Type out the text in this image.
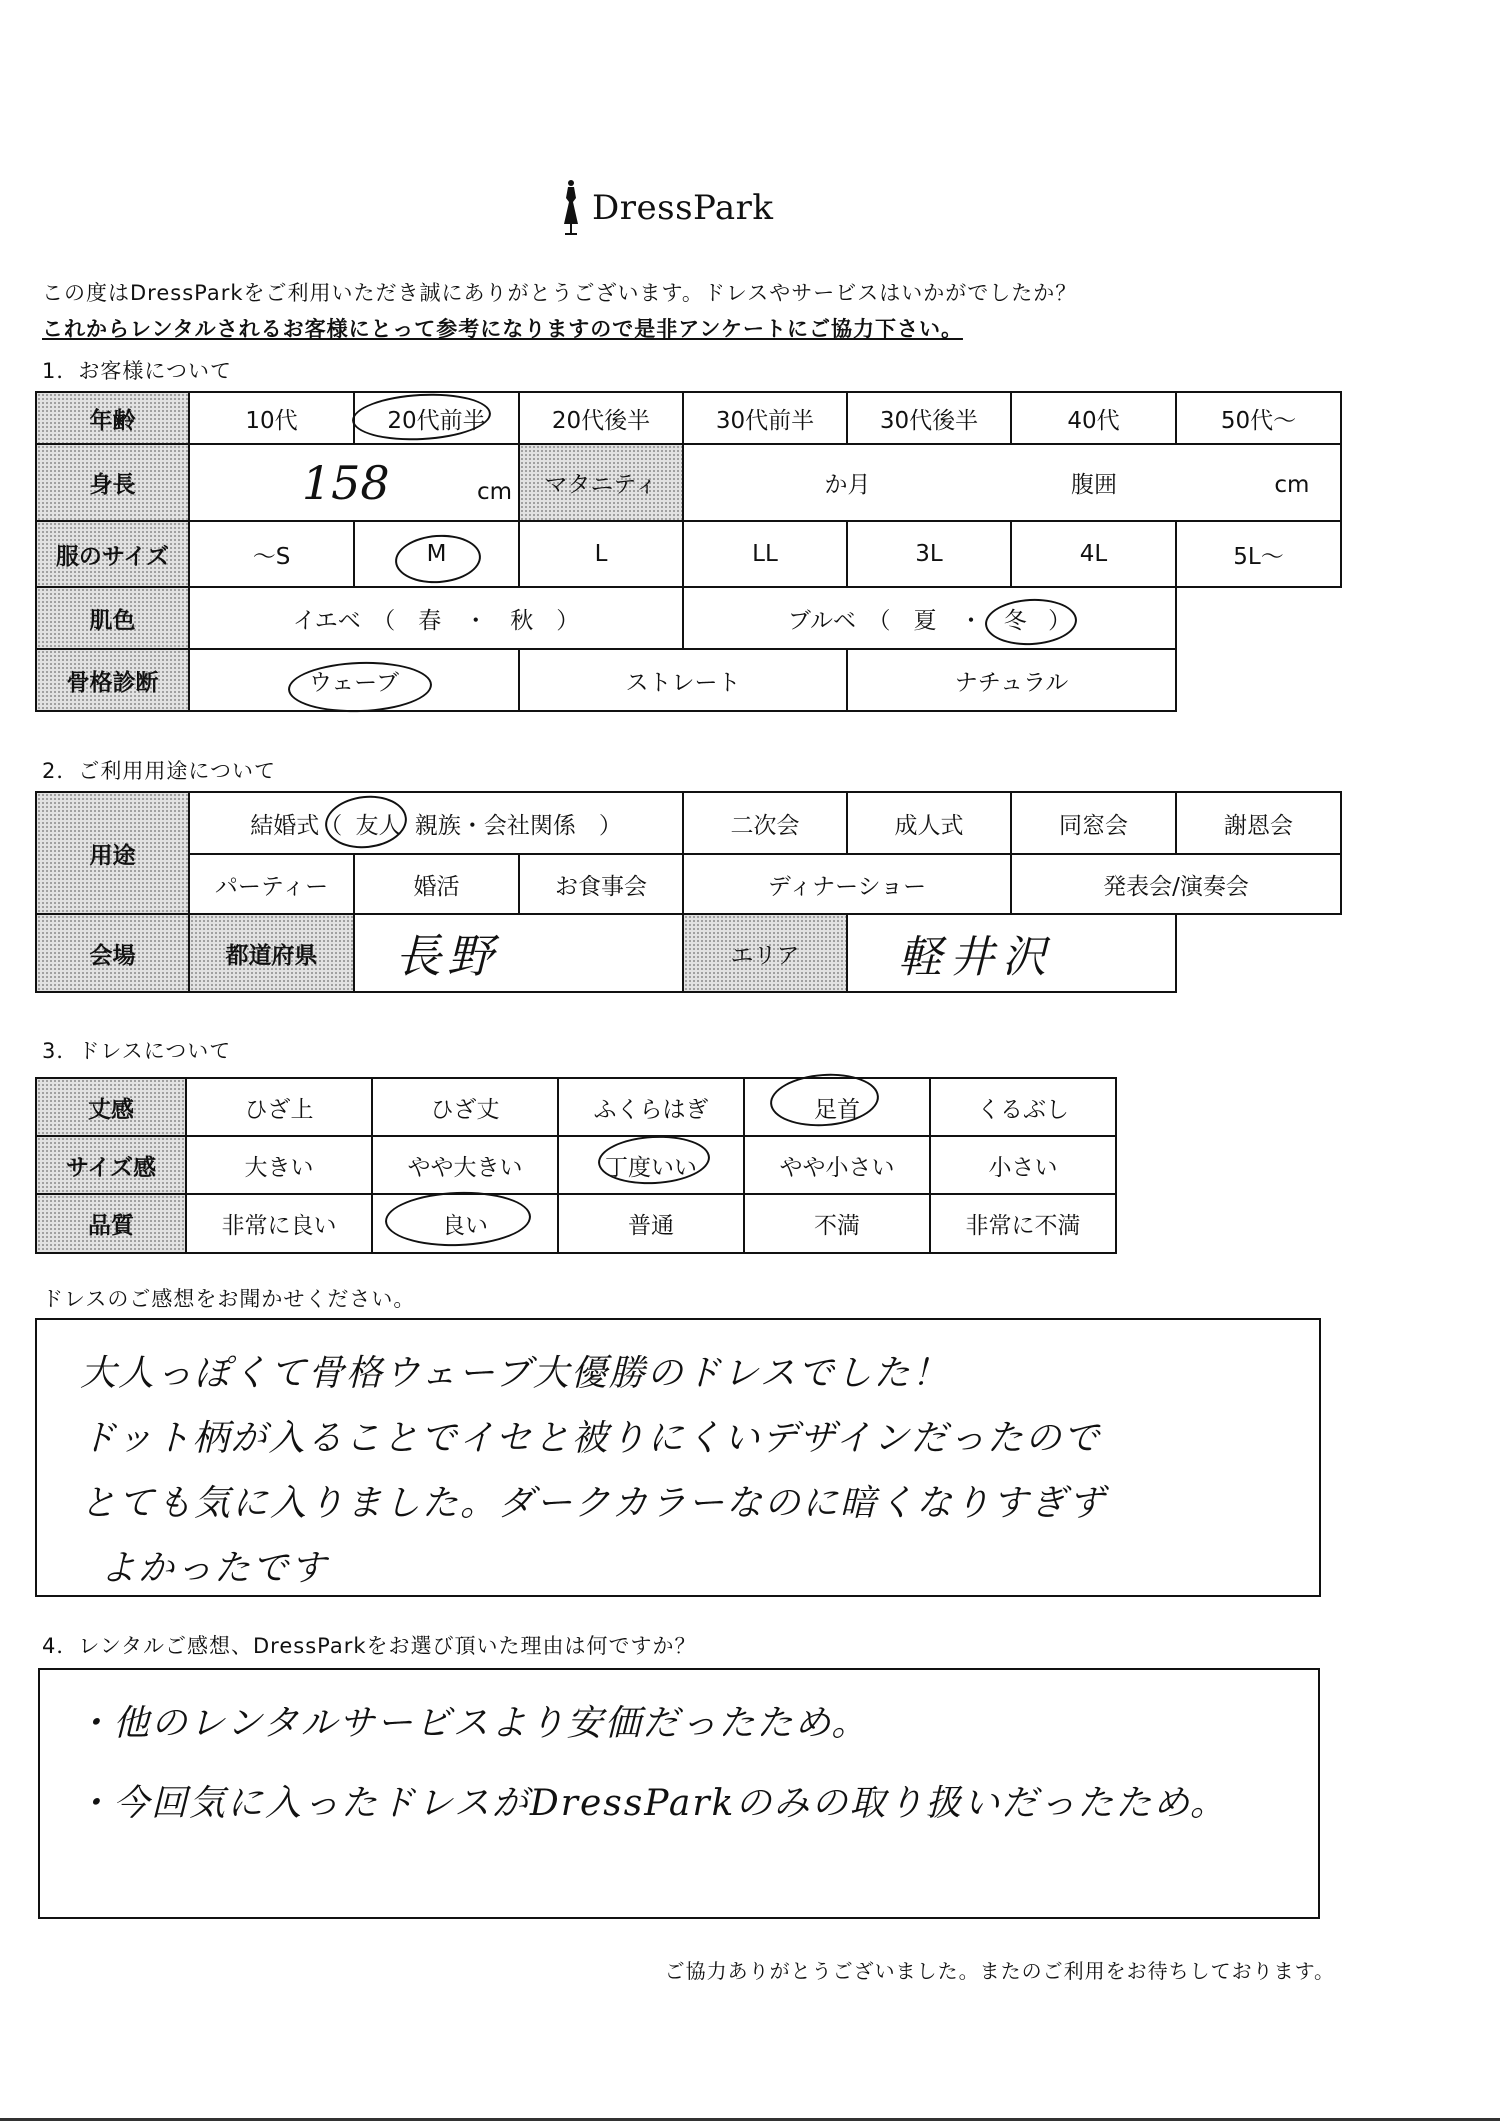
DressPark
この度はDressParkをご利用いただき誠にありがとうございます。ドレスやサービスはいかがでしたか？
これからレンタルされるお客様にとって参考になりますので是非アンケートにご協力下さい。
1．お客様について
年齢	10代	20代前半	20代後半	30代前半	30代後半	40代	50代～
身長	158 cm		マタニティ	か月		腹囲 cm	
服のサイズ	～S	M	L	LL	3L	4L	5L～
肌色	イエベ　（　春　・　秋　）			ブルベ　（　夏　・ 冬 ）			
骨格診断	ウェーブ		ストレート		ナチュラル		
2．ご利用用途について
用途	結婚式（ 友人 親族・会社関係　）			二次会	成人式	同窓会	謝恩会
	パーティー	婚活	お食事会	ディナーショー		発表会/演奏会	
会場	都道府県	長野		エリア	軽井沢		
3．ドレスについて
丈感	ひざ上	ひざ丈	ふくらはぎ	足首	くるぶし
サイズ感	大きい	やや大きい	丁度いい	やや小さい	小さい
品質	非常に良い	良い	普通	不満	非常に不満
ドレスのご感想をお聞かせください。
大人っぽくて骨格ウェーブ大優勝のドレスでした！
ドット柄が入ることでイセと被りにくいデザインだったので
とても気に入りました。ダークカラーなのに暗くなりすぎず
よかったです
4．レンタルご感想、DressParkをお選び頂いた理由は何ですか？
・他のレンタルサービスより安価だったため。
・今回気に入ったドレスがDressParkのみの取り扱いだったため。
ご協力ありがとうございました。またのご利用をお待ちしております。
